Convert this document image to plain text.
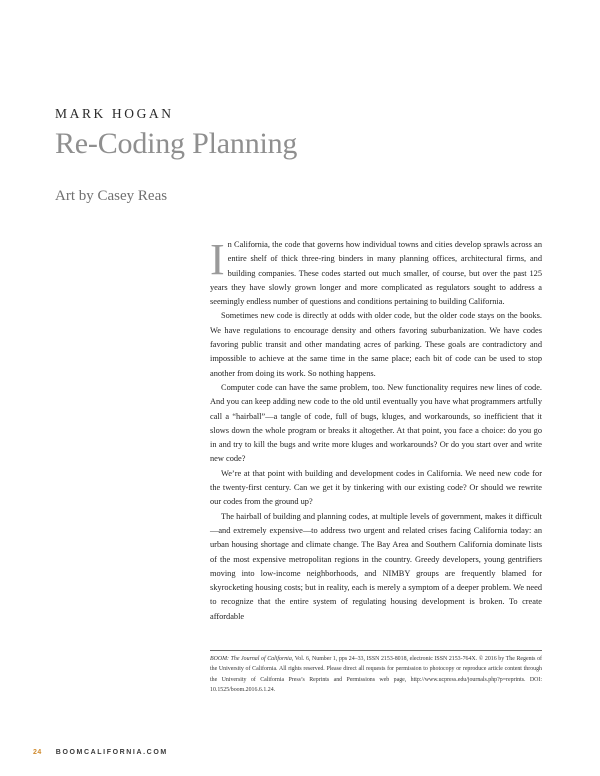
MARK HOGAN
Re-Coding Planning
Art by Casey Reas

In California, the code that governs how individual towns and cities develop sprawls across an entire shelf of thick three-ring binders in many planning offices, architectural firms, and building companies. These codes started out much smaller, of course, but over the past 125 years they have slowly grown longer and more complicated as regulators sought to address a seemingly endless number of questions and conditions pertaining to building California.

Sometimes new code is directly at odds with older code, but the older code stays on the books. We have regulations to encourage density and others favoring suburbanization. We have codes favoring public transit and other mandating acres of parking. These goals are contradictory and impossible to achieve at the same time in the same place; each bit of code can be used to stop another from doing its work. So nothing happens.

Computer code can have the same problem, too. New functionality requires new lines of code. And you can keep adding new code to the old until eventually you have what programmers artfully call a “hairball”—a tangle of code, full of bugs, kluges, and workarounds, so inefficient that it slows down the whole program or breaks it altogether. At that point, you face a choice: do you go in and try to kill the bugs and write more kluges and workarounds? Or do you start over and write new code?

We’re at that point with building and development codes in California. We need new code for the twenty-first century. Can we get it by tinkering with our existing code? Or should we rewrite our codes from the ground up?

The hairball of building and planning codes, at multiple levels of government, makes it difficult—and extremely expensive—to address two urgent and related crises facing California today: an urban housing shortage and climate change. The Bay Area and Southern California dominate lists of the most expensive metropolitan regions in the country. Greedy developers, young gentrifiers moving into low-income neighborhoods, and NIMBY groups are frequently blamed for skyrocketing housing costs; but in reality, each is merely a symptom of a deeper problem. We need to recognize that the entire system of regulating housing development is broken. To create affordable

BOOM: The Journal of California, Vol. 6, Number 1, pps 24–33, ISSN 2153-8018, electronic ISSN 2153-764X. © 2016 by The Regents of the University of California. All rights reserved. Please direct all requests for permission to photocopy or reproduce article content through the University of California Press’s Reprints and Permissions web page, http://www.ucpress.edu/journals.php?p=reprints. DOI: 10.1525/boom.2016.6.1.24.
24 BOOMCALIFORNIA.COM
